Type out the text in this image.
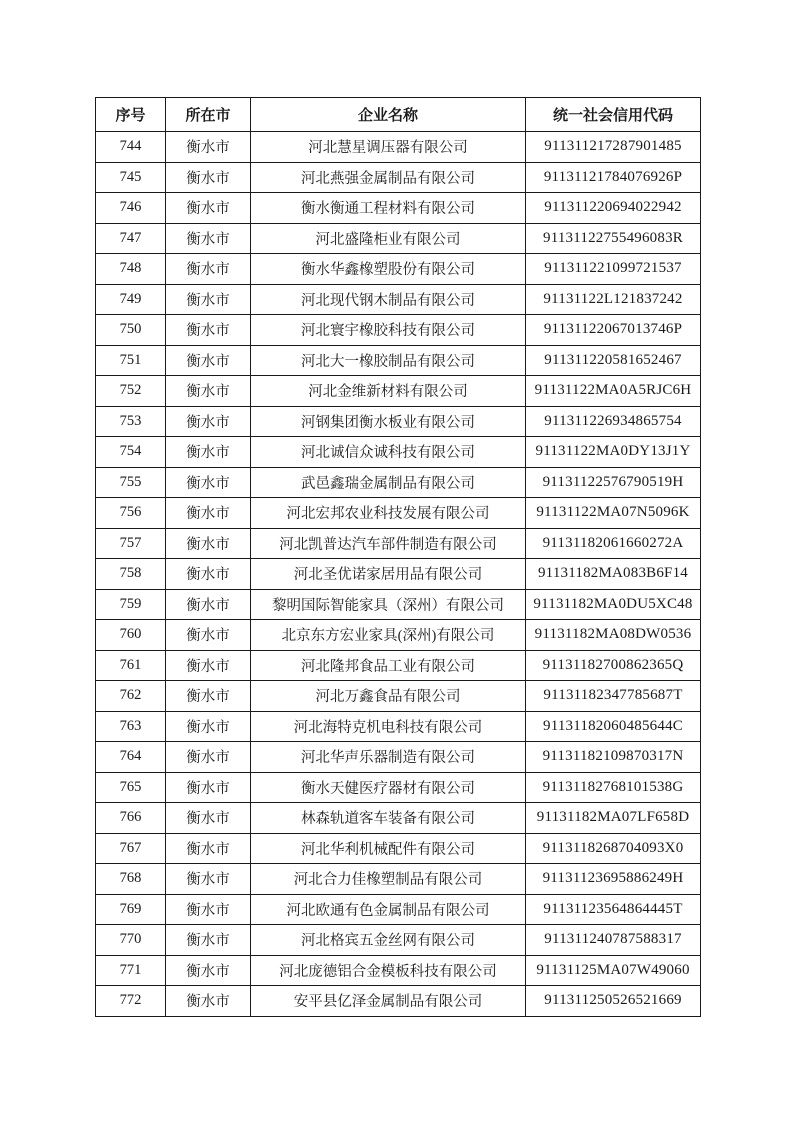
序号	所在市	企业名称	统一社会信用代码
744	衡水市	河北慧星调压器有限公司	911311217287901485
745	衡水市	河北燕强金属制品有限公司	91131121784076926P
746	衡水市	衡水衡通工程材料有限公司	911311220694022942
747	衡水市	河北盛隆柜业有限公司	91131122755496083R
748	衡水市	衡水华鑫橡塑股份有限公司	911311221099721537
749	衡水市	河北现代钢木制品有限公司	91131122L121837242
750	衡水市	河北寰宇橡胶科技有限公司	91131122067013746P
751	衡水市	河北大一橡胶制品有限公司	911311220581652467
752	衡水市	河北金维新材料有限公司	91131122MA0A5RJC6H
753	衡水市	河钢集团衡水板业有限公司	911311226934865754
754	衡水市	河北诚信众诚科技有限公司	91131122MA0DY13J1Y
755	衡水市	武邑鑫瑞金属制品有限公司	91131122576790519H
756	衡水市	河北宏邦农业科技发展有限公司	91131122MA07N5096K
757	衡水市	河北凯普达汽车部件制造有限公司	91131182061660272A
758	衡水市	河北圣优诺家居用品有限公司	91131182MA083B6F14
759	衡水市	黎明国际智能家具（深州）有限公司	91131182MA0DU5XC48
760	衡水市	北京东方宏业家具(深州)有限公司	91131182MA08DW0536
761	衡水市	河北隆邦食品工业有限公司	91131182700862365Q
762	衡水市	河北万鑫食品有限公司	91131182347785687T
763	衡水市	河北海特克机电科技有限公司	91131182060485644C
764	衡水市	河北华声乐器制造有限公司	91131182109870317N
765	衡水市	衡水天健医疗器材有限公司	91131182768101538G
766	衡水市	林森轨道客车装备有限公司	91131182MA07LF658D
767	衡水市	河北华利机械配件有限公司	9113118268704093X0
768	衡水市	河北合力佳橡塑制品有限公司	91131123695886249H
769	衡水市	河北欧通有色金属制品有限公司	91131123564864445T
770	衡水市	河北格宾五金丝网有限公司	911311240787588317
771	衡水市	河北庞德铝合金模板科技有限公司	91131125MA07W49060
772	衡水市	安平县亿泽金属制品有限公司	911311250526521669
